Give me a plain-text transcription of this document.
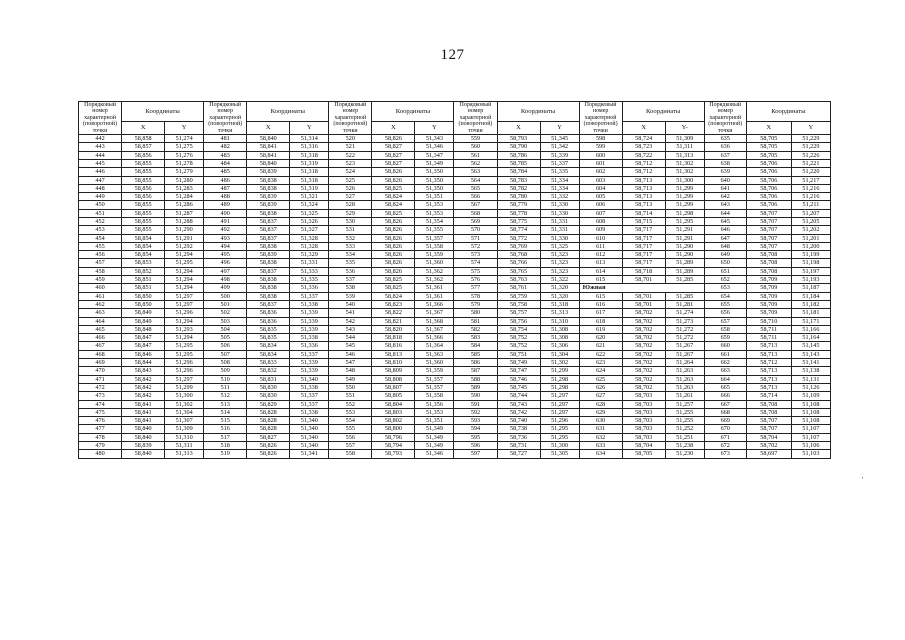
127
Порядковый номер характерной (поворотной) точки	Координаты		Порядковый номер характерной (поворотной) точки	Координаты		Порядковый номер характерной (поворотной) точки	Координаты		Порядковый номер характерной (поворотной) точки	Координаты		Порядковый номер характерной (поворотной) точки	Координаты		Порядковый номер характерной (поворотной) точки	Координаты	
	X	Y		X	Y		X	Y		X	Y		X	Y-		X	Y
442	58,858	51,274	481	58,840	51,314	520	58,826	51,343	559	58,793	51,345	598	58,724	51,309	635	58,705	51,229
443	58,857	51,275	482	58,841	51,316	521	58,827	51,346	560	58,790	51,342	599	58,723	51,311	636	58,705	51,229
444	58,856	51,276	483	58,841	51,318	522	58,827	51,347	561	58,786	51,339	600	58,722	51,313	637	58,705	51,226
445	58,855	51,278	484	58,840	51,319	523	58,827	51,349	562	58,785	51,337	601	58,712	51,302	638	58,706	51,221
446	58,855	51,279	485	58,839	51,318	524	58,826	51,350	563	58,784	51,335	602	58,712	51,302	639	58,706	51,220
447	58,855	51,280	486	58,838	51,318	525	58,826	51,350	564	58,783	51,334	603	58,713	51,300	640	58,706	51,217
448	58,856	51,283	487	58,838	51,319	526	58,825	51,350	565	58,782	51,334	604	58,713	51,299	641	58,706	51,216
449	58,856	51,284	488	58,839	51,321	527	58,824	51,351	566	58,780	51,332	605	58,713	51,299	642	58,706	51,216
450	58,855	51,286	489	58,839	51,324	528	58,824	51,353	567	58,779	51,330	606	58,713	51,299	643	58,706	51,211
451	58,855	51,287	490	58,838	51,325	529	58,825	51,353	568	58,778	51,330	607	58,714	51,298	644	58,707	51,207
452	58,855	51,288	491	58,837	51,326	530	58,826	51,354	569	58,775	51,331	608	58,715	51,295	645	58,707	51,205
453	58,855	51,290	492	58,837	51,327	531	58,826	51,355	570	58,774	51,331	609	58,717	51,291	646	58,707	51,202
454	58,854	51,291	493	58,837	51,328	532	58,826	51,357	571	58,772	51,330	610	58,717	51,291	647	58,707	51,201
455	58,854	51,292	494	58,838	51,328	533	58,826	51,358	572	58,769	51,325	611	58,717	51,290	648	58,707	51,200
456	58,854	51,294	495	58,839	51,329	534	58,826	51,359	573	58,768	51,323	612	58,717	51,290	649	58,708	51,199
457	58,853	51,295	496	58,838	51,331	535	58,826	51,360	574	58,766	51,323	613	58,717	51,289	650	58,708	51,198
458	58,852	51,294	497	58,837	51,333	536	58,826	51,362	575	58,765	51,323	614	58,718	51,289	651	58,708	51,197
459	58,851	51,294	498	58,838	51,335	537	58,825	51,362	576	58,763	51,322	615	58,701	51,285	652	58,709	51,193
460	58,851	51,294	499	58,838	51,336	538	58,825	51,361	577	58,761	51,320	Южная			653	58,709	51,187
461	58,850	51,297	500	58,838	51,337	539	58,824	51,361	578	58,759	51,320	615	58,701	51,285	654	58,709	51,184
462	58,850	51,297	501	58,837	51,338	540	58,823	51,366	579	58,758	51,318	616	58,701	51,281	655	58,709	51,182
463	58,849	51,296	502	58,836	51,339	541	58,822	51,367	580	58,757	51,313	617	58,702	51,274	656	58,709	51,181
464	58,849	51,294	503	58,836	51,339	542	58,821	51,368	581	58,756	51,310	618	58,702	51,273	657	58,710	51,171
465	58,848	51,293	504	58,835	51,339	543	58,820	51,367	582	58,754	51,308	619	58,702	51,272	658	58,711	51,166
466	58,847	51,294	505	58,835	51,338	544	58,818	51,366	583	58,752	51,308	620	58,702	51,272	659	58,711	51,164
467	58,847	51,295	506	58,834	51,336	545	58,816	51,364	584	58,752	51,306	621	58,702	51,267	660	58,713	51,145
468	58,846	51,295	507	58,834	51,337	546	58,813	51,363	585	58,751	51,304	622	58,702	51,267	661	58,713	51,143
469	58,844	51,296	508	58,833	51,339	547	58,810	51,360	586	58,749	51,302	623	58,702	51,264	662	58,712	51,141
470	58,843	51,296	509	58,832	51,339	548	58,809	51,359	587	58,747	51,299	624	58,702	51,263	663	58,713	51,138
471	58,842	51,297	510	58,831	51,340	549	58,808	51,357	588	58,746	51,298	625	58,702	51,263	664	58,713	51,131
472	58,842	51,299	511	58,830	51,338	550	58,807	51,357	589	58,745	51,298	626	58,702	51,263	665	58,713	51,126
473	58,842	51,300	512	58,830	51,337	551	58,805	51,358	590	58,744	51,297	627	58,703	51,261	666	58,714	51,109
474	58,841	51,302	513	58,829	51,337	552	58,804	51,356	591	58,743	51,297	628	58,703	51,257	667	58,708	51,108
475	58,841	51,304	514	58,828	51,338	553	58,803	51,353	592	58,742	51,297	629	58,703	51,255	668	58,708	51,108
476	58,841	51,307	515	58,828	51,340	554	58,802	51,351	593	58,740	51,296	630	58,703	51,255	669	58,707	51,108
477	58,840	51,309	516	58,828	51,340	555	58,800	51,349	594	58,738	51,295	631	58,703	51,252	670	58,707	51,107
478	58,840	51,310	517	58,827	51,340	556	58,796	51,349	595	58,736	51,295	632	58,703	51,251	671	58,704	51,107
479	58,839	51,311	518	58,826	51,340	557	58,794	51,349	596	58,731	51,300	633	58,704	51,238	672	58,702	51,106
480	58,840	51,313	519	58,826	51,341	558	58,793	51,346	597	58,727	51,305	634	58,705	51,230	673	58,697	51,103
'
